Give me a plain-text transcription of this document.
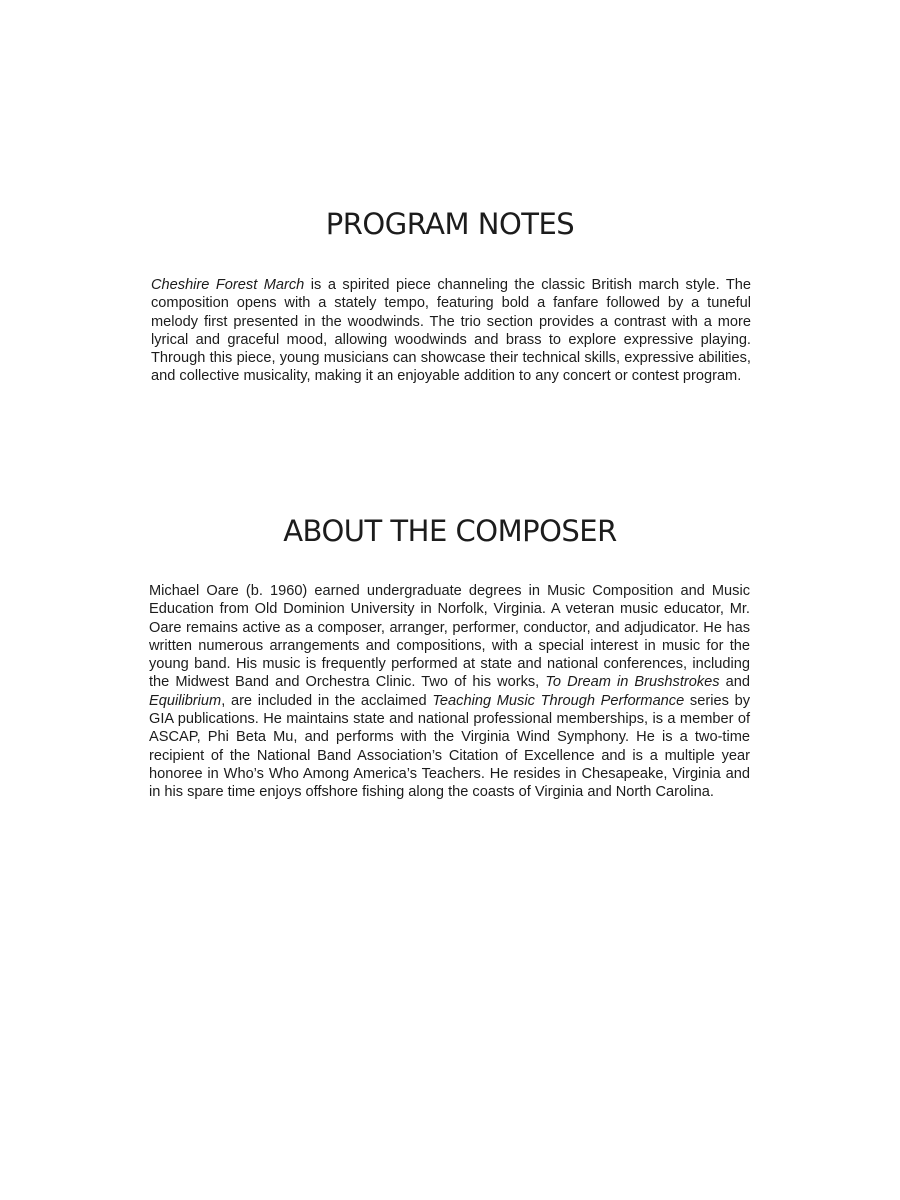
PROGRAM NOTES

Cheshire Forest March is a spirited piece channeling the classic British march style. The composition opens with a stately tempo, featuring bold a fanfare followed by a tuneful melody first presented in the woodwinds. The trio section provides a contrast with a more lyrical and graceful mood, allowing woodwinds and brass to explore expressive playing. Through this piece, young musicians can showcase their technical skills, expressive abilities, and collective musicality, making it an enjoyable addition to any concert or contest program.

ABOUT THE COMPOSER

Michael Oare (b. 1960) earned undergraduate degrees in Music Composition and Music Education from Old Dominion University in Norfolk, Virginia. A veteran music educator, Mr. Oare remains active as a composer, arranger, performer, conductor, and adjudicator. He has written numerous arrangements and compositions, with a special interest in music for the young band. His music is frequently performed at state and national conferences, including the Midwest Band and Orchestra Clinic. Two of his works, To Dream in Brushstrokes and Equilibrium, are included in the acclaimed Teaching Music Through Performance series by GIA publications. He maintains state and national professional memberships, is a member of ASCAP, Phi Beta Mu, and performs with the Virginia Wind Symphony. He is a two-time recipient of the National Band Association’s Citation of Excellence and is a multiple year honoree in Who’s Who Among America’s Teachers. He resides in Chesapeake, Virginia and in his spare time enjoys offshore fishing along the coasts of Virginia and North Carolina.
